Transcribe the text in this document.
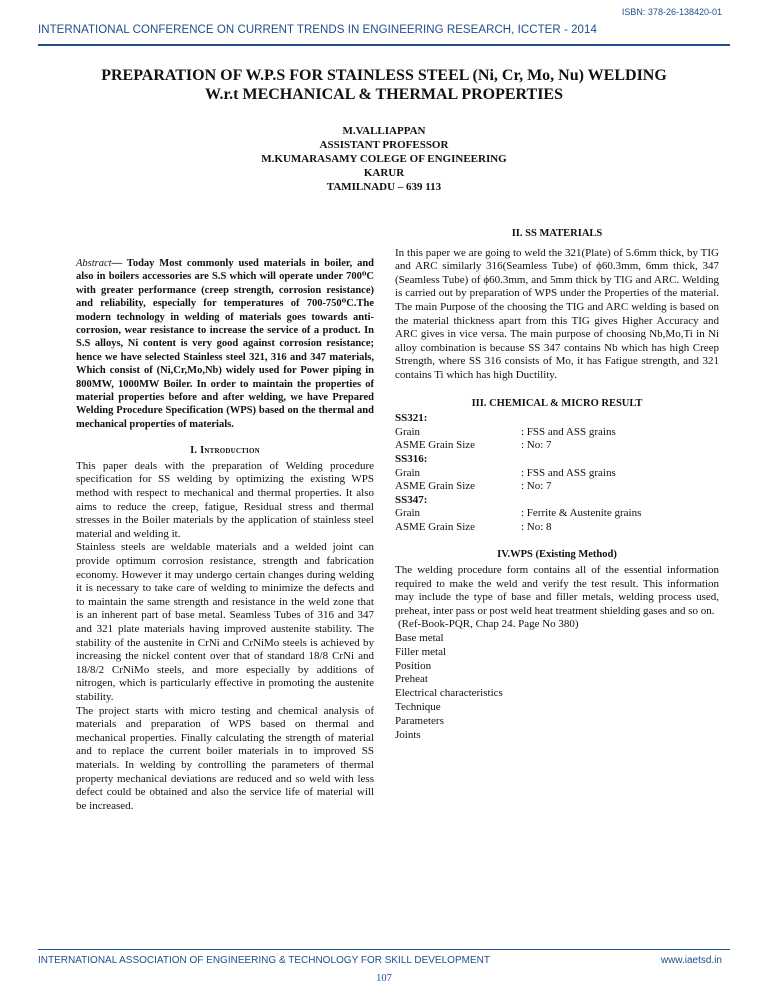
ISBN: 378-26-138420-01
INTERNATIONAL CONFERENCE ON CURRENT TRENDS IN ENGINEERING RESEARCH, ICCTER - 2014
PREPARATION OF W.P.S FOR STAINLESS STEEL (Ni, Cr, Mo, Nu) WELDING
W.r.t MECHANICAL & THERMAL PROPERTIES
M.VALLIAPPAN
ASSISTANT PROFESSOR
M.KUMARASAMY COLEGE OF ENGINEERING
KARUR
TAMILNADU – 639 113

Abstract— Today Most commonly used materials in boiler, and also in boilers accessories are S.S which will operate under 700⁰C with greater performance (creep strength, corrosion resistance) and reliability, especially for temperatures of 700-750⁰C.The modern technology in welding of materials goes towards anti-corrosion, wear resistance to increase the service of a product. In S.S alloys, Ni content is very good against corrosion resistance; hence we have selected Stainless steel 321, 316 and 347 materials, Which consist of (Ni,Cr,Mo,Nb) widely used for Power piping in 800MW, 1000MW Boiler. In order to maintain the properties of material properties before and after welding, we have Prepared Welding Procedure Specification (WPS) based on the thermal and mechanical properties of materials.

I. Introduction

This paper deals with the preparation of Welding procedure specification for SS welding by optimizing the existing WPS method with respect to mechanical and thermal properties. It also aims to reduce the creep, fatigue, Residual stress and thermal stresses in the Boiler materials by the application of stainless steel material and welding it.

Stainless steels are weldable materials and a welded joint can provide optimum corrosion resistance, strength and fabrication economy. However it may undergo certain changes during welding it is necessary to take care of welding to minimize the defects and to maintain the same strength and resistance in the weld zone that is an inherent part of base metal. Seamless Tubes of 316 and 347 and 321 plate materials having improved austenite stability. The stability of the austenite in CrNi and CrNiMo steels is achieved by increasing the nickel content over that of standard 18/8 CrNi and 18/8/2 CrNiMo steels, and more especially by additions of nitrogen, which is particularly effective in promoting the austenite stability.

The project starts with micro testing and chemical analysis of materials and preparation of WPS based on thermal and mechanical properties. Finally calculating the strength of material and to replace the current boiler materials in to improved SS materials. In welding by controlling the parameters of thermal property mechanical deviations are reduced and so weld with less defect could be obtained and also the service life of material will be increased.

II. SS MATERIALS

In this paper we are going to weld the 321(Plate) of 5.6mm thick, by TIG and ARC similarly 316(Seamless Tube) of ϕ60.3mm, 6mm thick, 347 (Seamless Tube) of ϕ60.3mm, and 5mm thick by TIG and ARC. Welding is carried out by preparation of WPS under the Properties of the material. The main Purpose of the choosing the TIG and ARC welding is based on the material thickness apart from this TIG gives Higher Accuracy and ARC gives in vice versa. The main purpose of choosing Nb,Mo,Ti in Ni alloy combination is because SS 347 contains Nb which has high Creep Strength, where SS 316 consists of Mo, it has Fatigue strength, and 321 contains Ti which has high Ductility.

III. CHEMICAL & MICRO RESULT
SS321:
Grain	: FSS and ASS grains
ASME Grain Size	: No: 7
SS316:
Grain	: FSS and ASS grains
ASME Grain Size	: No: 7
SS347:
Grain	: Ferrite & Austenite grains
ASME Grain Size	: No: 8
IV.WPS (Existing Method)

The welding procedure form contains all of the essential information required to make the weld and verify the test result. This information may include the type of base and filler metals, welding process used, preheat, inter pass or post weld heat treatment shielding gases and so on.

(Ref-Book-PQR, Chap 24. Page No 380)

Base metal
Filler metal
Position
Preheat
Electrical characteristics
Technique
Parameters
Joints
INTERNATIONAL ASSOCIATION OF ENGINEERING & TECHNOLOGY FOR SKILL DEVELOPMENT	www.iaetsd.in
107
